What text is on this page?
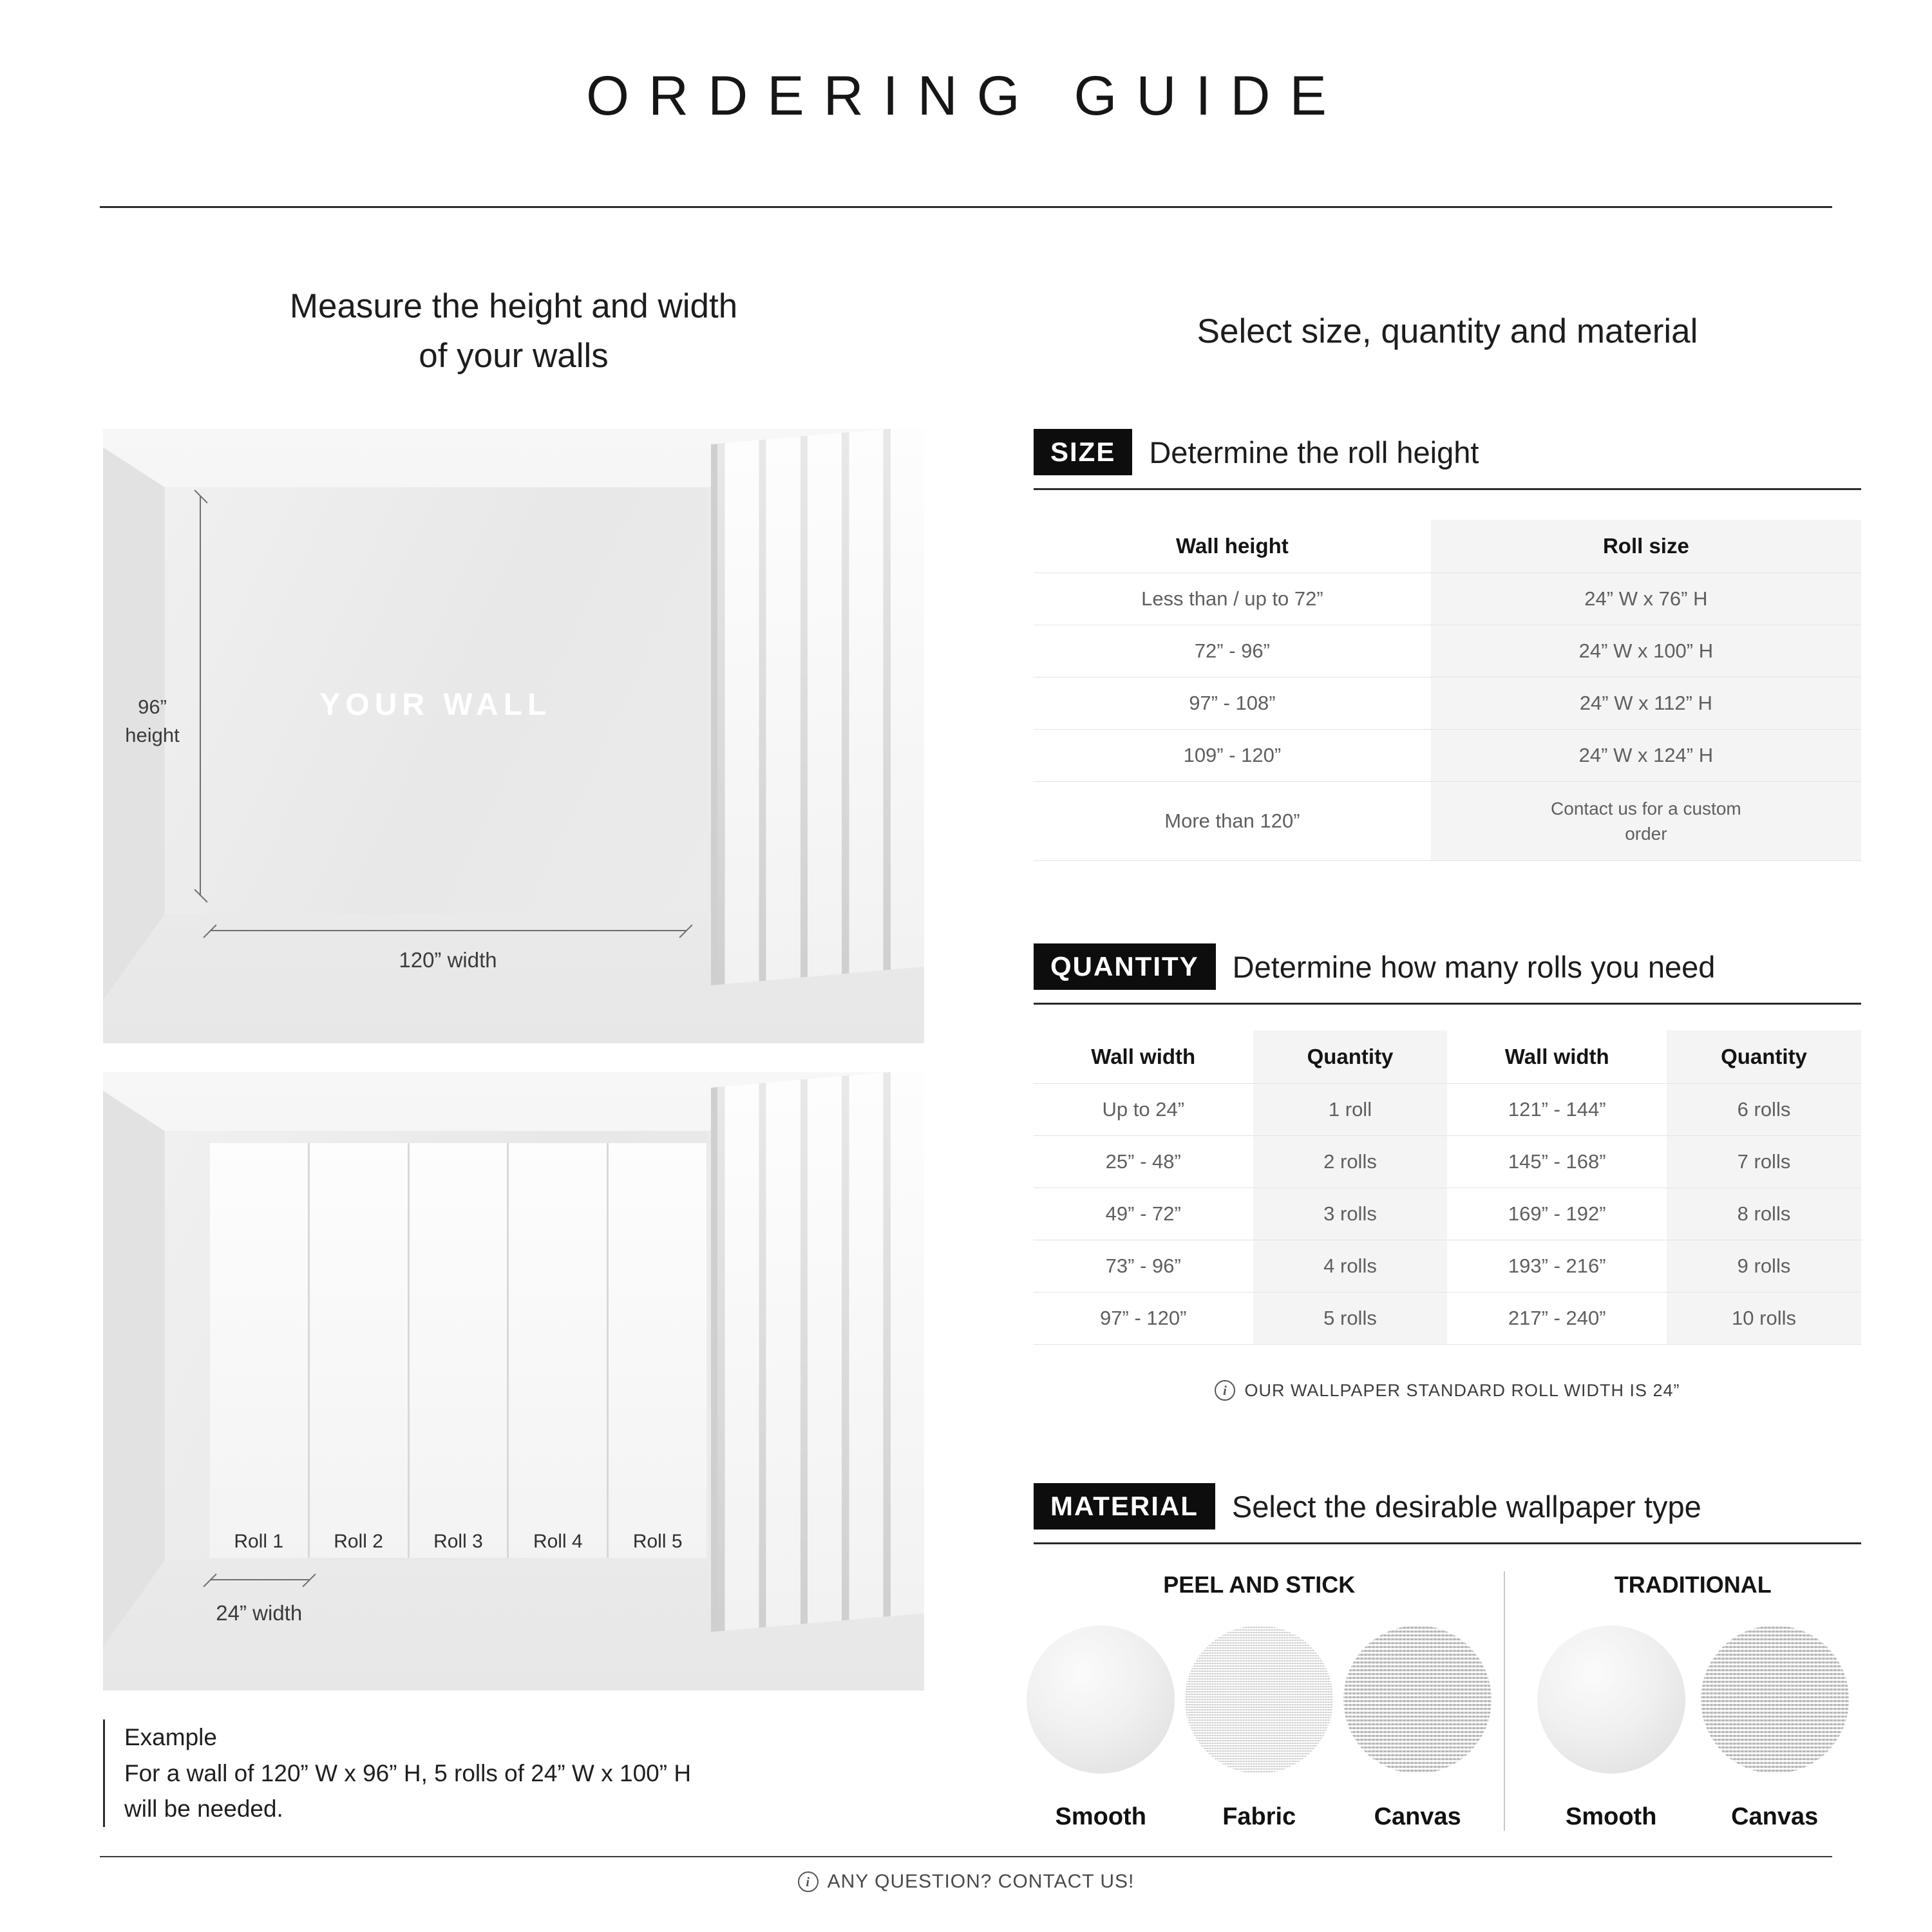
ORDERING GUIDE
Measure the height and width
of your walls
YOUR WALL
96”
height
120” width
Roll 1	Roll 2	Roll 3	Roll 4	Roll 5
24” width
Example
For a wall of 120” W x 96” H, 5 rolls of 24” W x 100” H
will be needed.
Select size, quantity and material
SIZE	Determine the roll height
Wall height	Roll size
Less than / up to 72”	24” W x 76” H
72” - 96”	24” W x 100” H
97” - 108”	24” W x 112” H
109” - 120”	24” W x 124” H
More than 120”	Contact us for a custom order
QUANTITY	Determine how many rolls you need
Wall width	Quantity	Wall width	Quantity
Up to 24”	1 roll	121” - 144”	6 rolls
25” - 48”	2 rolls	145” - 168”	7 rolls
49” - 72”	3 rolls	169” - 192”	8 rolls
73” - 96”	4 rolls	193” - 216”	9 rolls
97” - 120”	5 rolls	217” - 240”	10 rolls
i OUR WALLPAPER STANDARD ROLL WIDTH IS 24”
MATERIAL	Select the desirable wallpaper type
PEEL AND STICK
Smooth	Fabric	Canvas
TRADITIONAL
Smooth	Canvas
i ANY QUESTION? CONTACT US!
